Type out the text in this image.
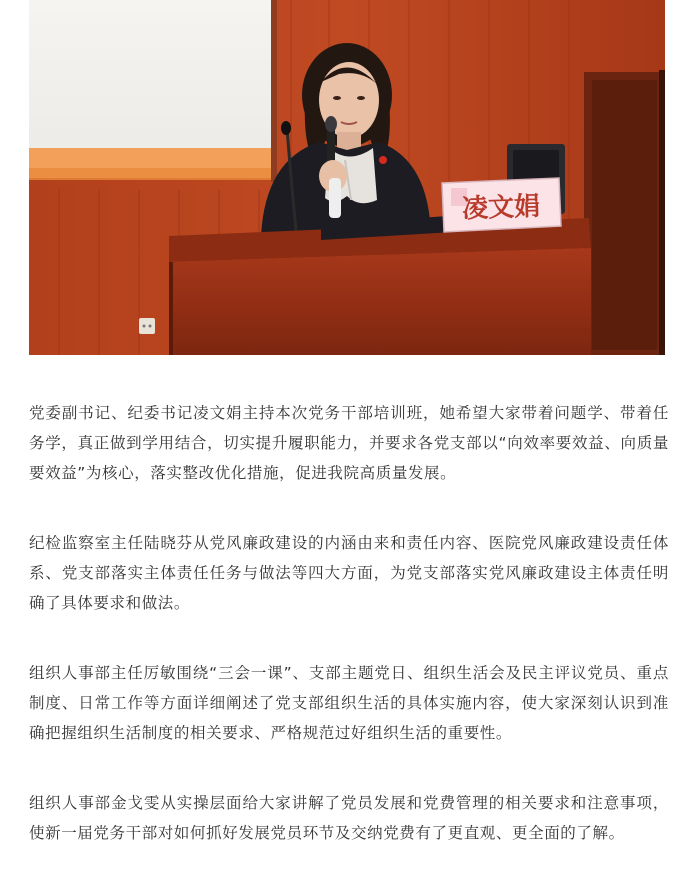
凌文娟

党委副书记、纪委书记凌文娟主持本次党务干部培训班，她希望大家带着问题学、带着任务学，真正做到学用结合，切实提升履职能力，并要求各党支部以“向效率要效益、向质量要效益”为核心，落实整改优化措施，促进我院高质量发展。

纪检监察室主任陆晓芬从党风廉政建设的内涵由来和责任内容、医院党风廉政建设责任体系、党支部落实主体责任任务与做法等四大方面，为党支部落实党风廉政建设主体责任明确了具体要求和做法。

组织人事部主任厉敏围绕“三会一课”、支部主题党日、组织生活会及民主评议党员、重点制度、日常工作等方面详细阐述了党支部组织生活的具体实施内容，使大家深刻认识到准确把握组织生活制度的相关要求、严格规范过好组织生活的重要性。

组织人事部金戈雯从实操层面给大家讲解了党员发展和党费管理的相关要求和注意事项，使新一届党务干部对如何抓好发展党员环节及交纳党费有了更直观、更全面的了解。
